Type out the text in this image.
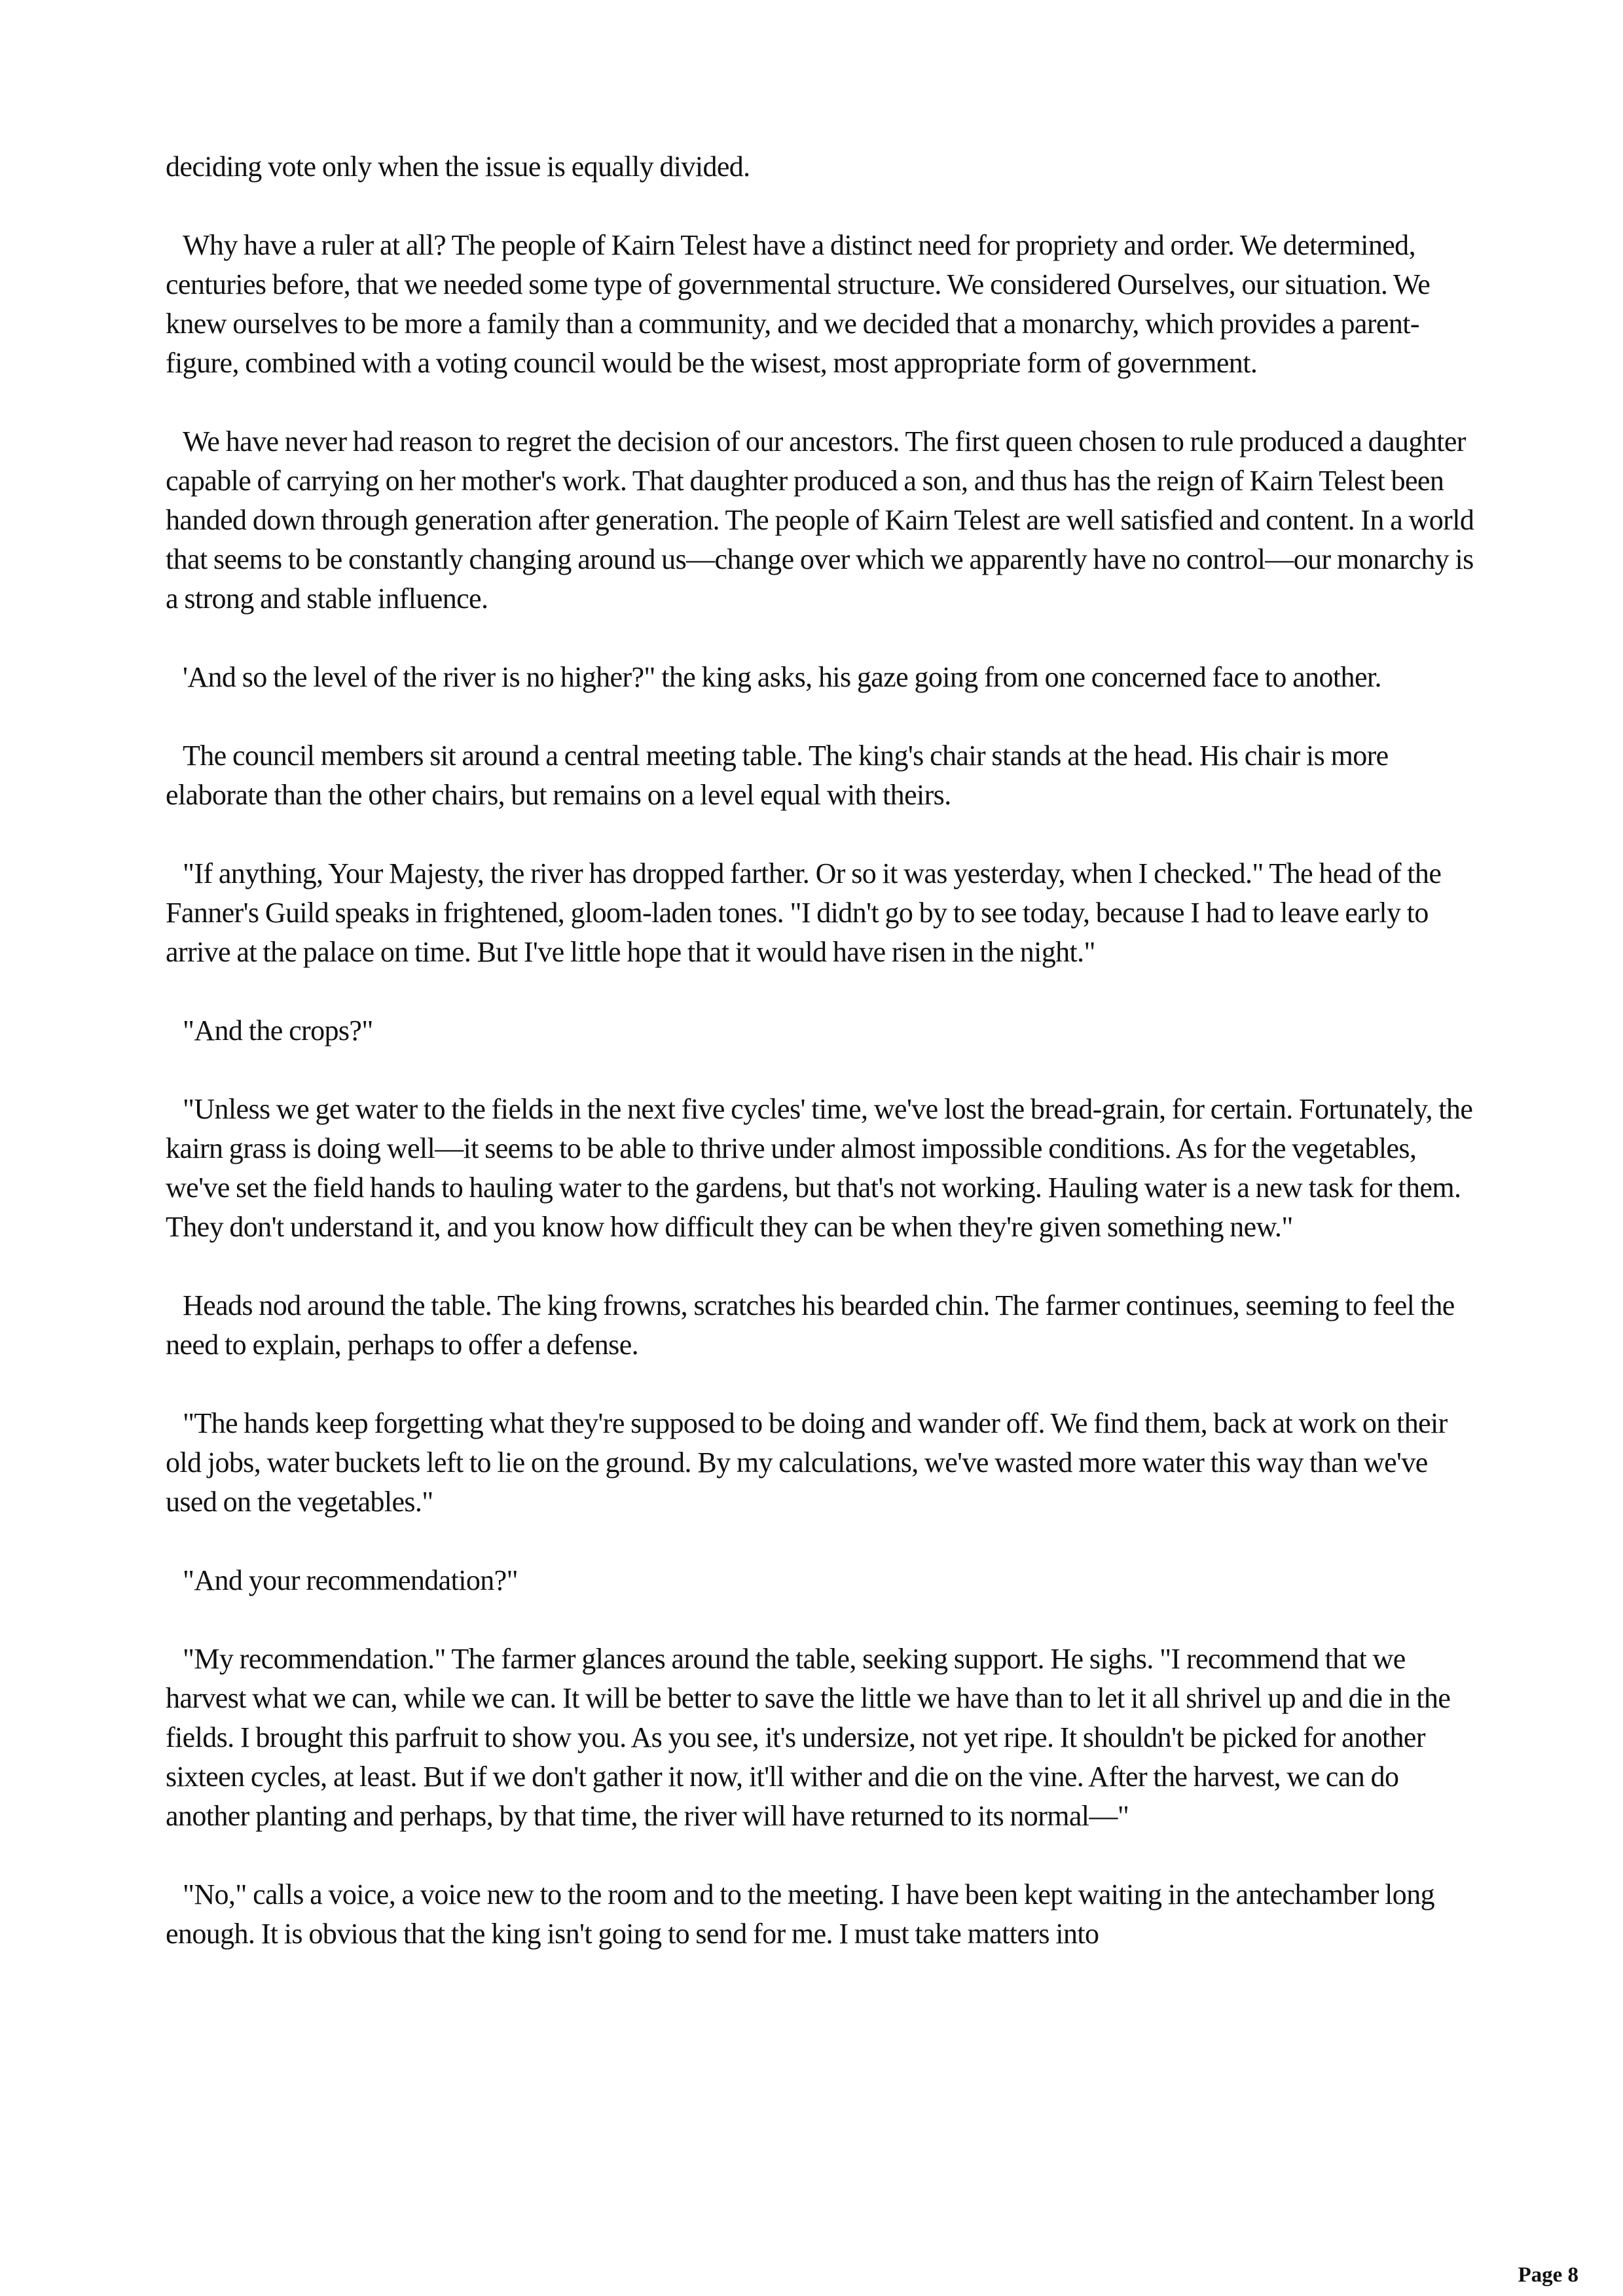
deciding vote only when the issue is equally divided.

Why have a ruler at all? The people of Kairn Telest have a distinct need for propriety and order. We determined, centuries before, that we needed some type of governmental structure. We considered Ourselves, our situation. We knew ourselves to be more a family than a community, and we decided that a monarchy, which provides a parent-figure, combined with a voting council would be the wisest, most appropriate form of government.

We have never had reason to regret the decision of our ancestors. The first queen chosen to rule produced a daughter capable of carrying on her mother's work. That daughter produced a son, and thus has the reign of Kairn Telest been handed down through generation after generation. The people of Kairn Telest are well satisfied and content. In a world that seems to be constantly changing around us—change over which we apparently have no control—our monarchy is a strong and stable influence.

'And so the level of the river is no higher?" the king asks, his gaze going from one concerned face to another.

The council members sit around a central meeting table. The king's chair stands at the head. His chair is more elaborate than the other chairs, but remains on a level equal with theirs.

"If anything, Your Majesty, the river has dropped farther. Or so it was yesterday, when I checked." The head of the Fanner's Guild speaks in frightened, gloom-laden tones. "I didn't go by to see today, because I had to leave early to arrive at the palace on time. But I've little hope that it would have risen in the night."

"And the crops?"

"Unless we get water to the fields in the next five cycles' time, we've lost the bread-grain, for certain. Fortunately, the kairn grass is doing well—it seems to be able to thrive under almost impossible conditions. As for the vegetables, we've set the field hands to hauling water to the gardens, but that's not working. Hauling water is a new task for them. They don't understand it, and you know how difficult they can be when they're given something new."

Heads nod around the table. The king frowns, scratches his bearded chin. The farmer continues, seeming to feel the need to explain, perhaps to offer a defense.

"The hands keep forgetting what they're supposed to be doing and wander off. We find them, back at work on their old jobs, water buckets left to lie on the ground. By my calculations, we've wasted more water this way than we've used on the vegetables."

"And your recommendation?"

"My recommendation." The farmer glances around the table, seeking support. He sighs. "I recommend that we harvest what we can, while we can. It will be better to save the little we have than to let it all shrivel up and die in the fields. I brought this parfruit to show you. As you see, it's undersize, not yet ripe. It shouldn't be picked for another sixteen cycles, at least. But if we don't gather it now, it'll wither and die on the vine. After the harvest, we can do another planting and perhaps, by that time, the river will have returned to its normal—"

"No," calls a voice, a voice new to the room and to the meeting. I have been kept waiting in the antechamber long enough. It is obvious that the king isn't going to send for me. I must take matters into

Page 8
